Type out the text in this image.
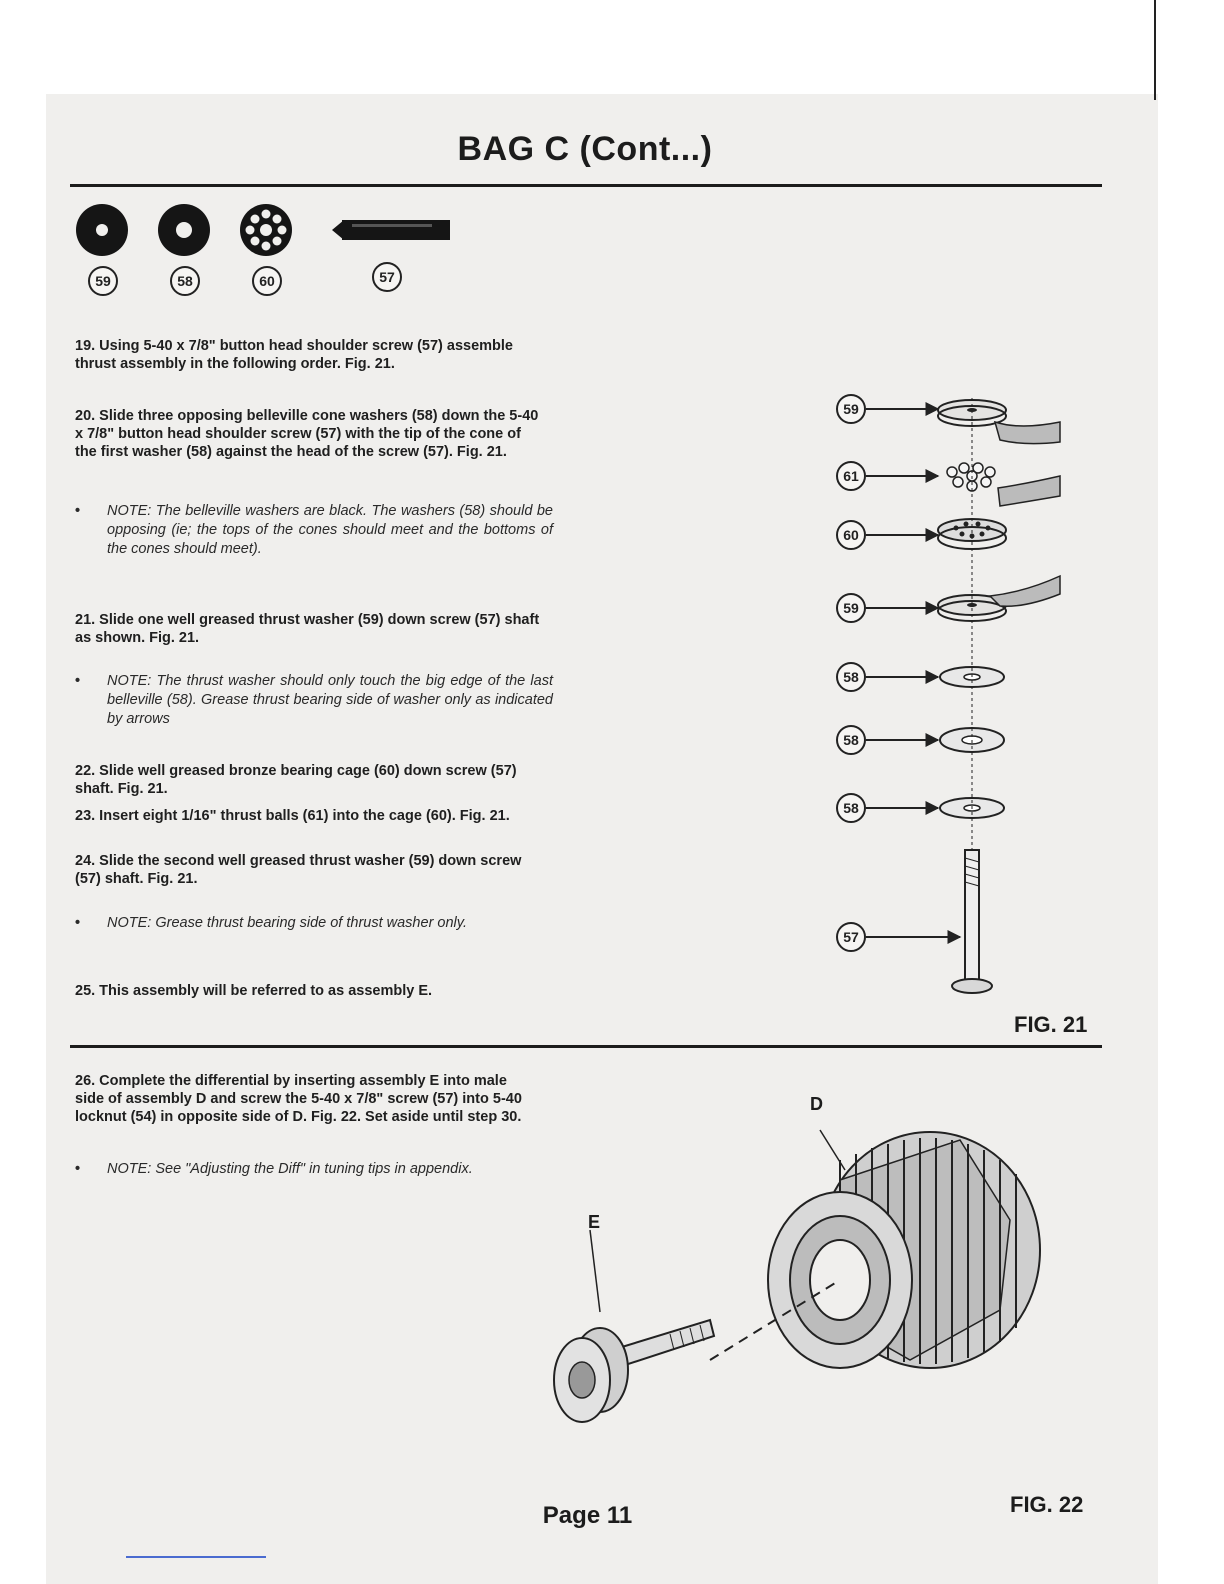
BAG C (Cont...)
59	58	60	57
19. Using 5-40 x 7/8" button head shoulder screw (57) assemble thrust assembly in the following order. Fig. 21.
20. Slide three opposing belleville cone washers (58) down the 5-40 x 7/8" button head shoulder screw (57) with the tip of the cone of the first washer (58) against the head of the screw (57). Fig. 21.
• NOTE: The belleville washers are black. The washers (58) should be opposing (ie; the tops of the cones should meet and the bottoms of the cones should meet).
21. Slide one well greased thrust washer (59) down screw (57) shaft as shown. Fig. 21.
• NOTE: The thrust washer should only touch the big edge of the last belleville (58). Grease thrust bearing side of washer only as indicated by arrows
22. Slide well greased bronze bearing cage (60) down screw (57) shaft. Fig. 21.
23. Insert eight 1/16" thrust balls (61) into the cage (60). Fig. 21.
24. Slide the second well greased thrust washer (59) down screw (57) shaft. Fig. 21.
• NOTE: Grease thrust bearing side of thrust washer only.
25. This assembly will be referred to as assembly E.
59
61
60
59
58
58
58
57
FIG. 21
26. Complete the differential by inserting assembly E into male side of assembly D and screw the 5-40 x 7/8" screw (57) into 5-40 locknut (54) in opposite side of D. Fig. 22. Set aside until step 30.
• NOTE: See "Adjusting the Diff" in tuning tips in appendix.
D
E
FIG. 22
Page 11
